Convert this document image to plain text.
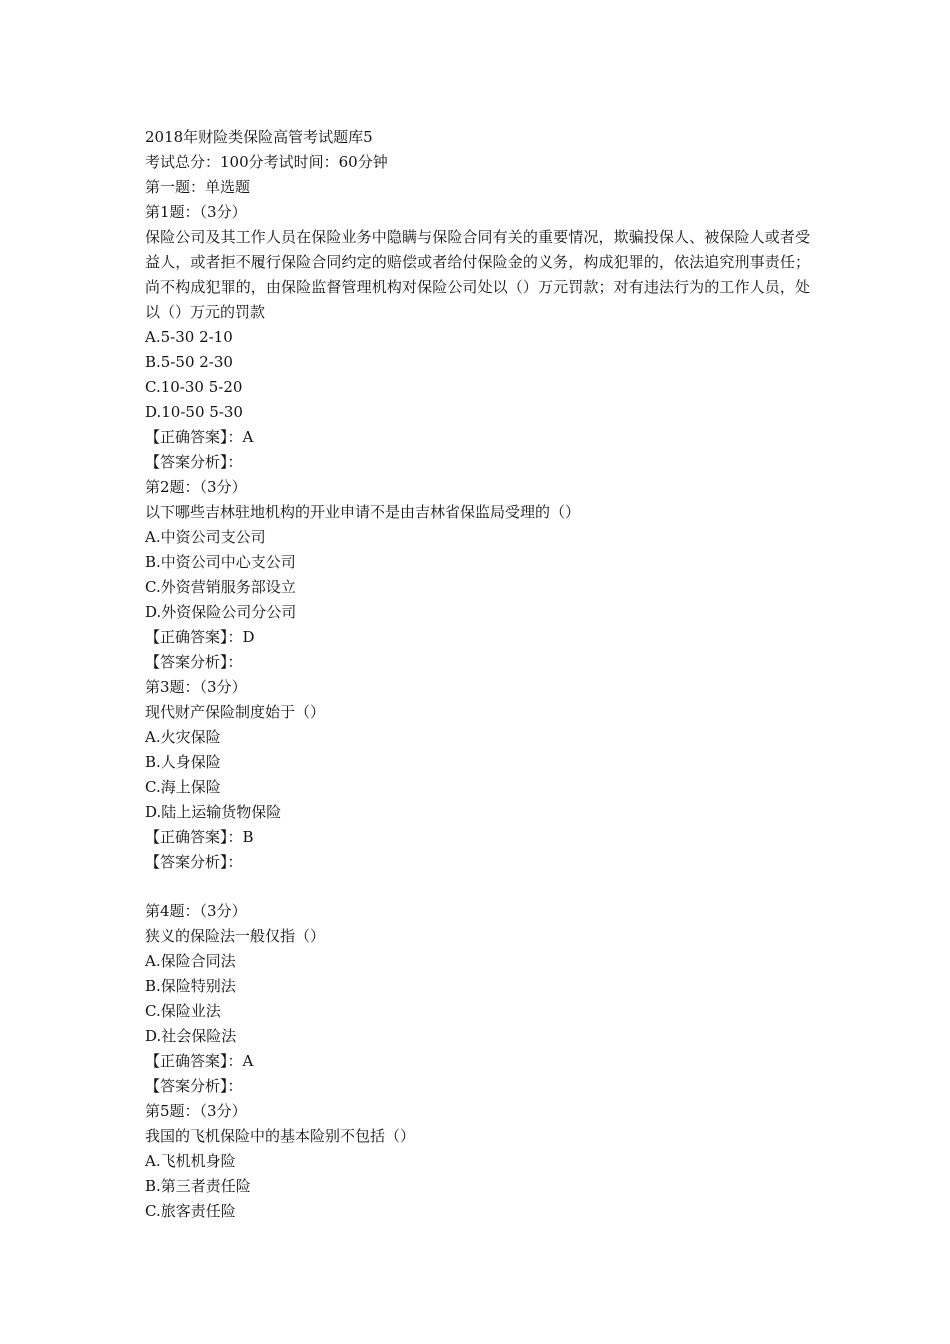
2018年财险类保险高管考试题库5
考试总分：100分考试时间：60分钟
第一题：单选题
第1题：（3分）
保险公司及其工作人员在保险业务中隐瞒与保险合同有关的重要情况，欺骗投保人、被保险人或者受益人，或者拒不履行保险合同约定的赔偿或者给付保险金的义务，构成犯罪的，依法追究刑事责任；尚不构成犯罪的，由保险监督管理机构对保险公司处以（）万元罚款；对有违法行为的工作人员，处以（）万元的罚款
A.5-30 2-10
B.5-50 2-30
C.10-30 5-20
D.10-50 5-30
【正确答案】：A
【答案分析】：
第2题：（3分）
以下哪些吉林驻地机构的开业申请不是由吉林省保监局受理的（）
A.中资公司支公司
B.中资公司中心支公司
C.外资营销服务部设立
D.外资保险公司分公司
【正确答案】：D
【答案分析】：
第3题：（3分）
现代财产保险制度始于（）
A.火灾保险
B.人身保险
C.海上保险
D.陆上运输货物保险
【正确答案】：B
【答案分析】：
第4题：（3分）
狭义的保险法一般仅指（）
A.保险合同法
B.保险特别法
C.保险业法
D.社会保险法
【正确答案】：A
【答案分析】：
第5题：（3分）
我国的飞机保险中的基本险别不包括（）
A.飞机机身险
B.第三者责任险
C.旅客责任险
